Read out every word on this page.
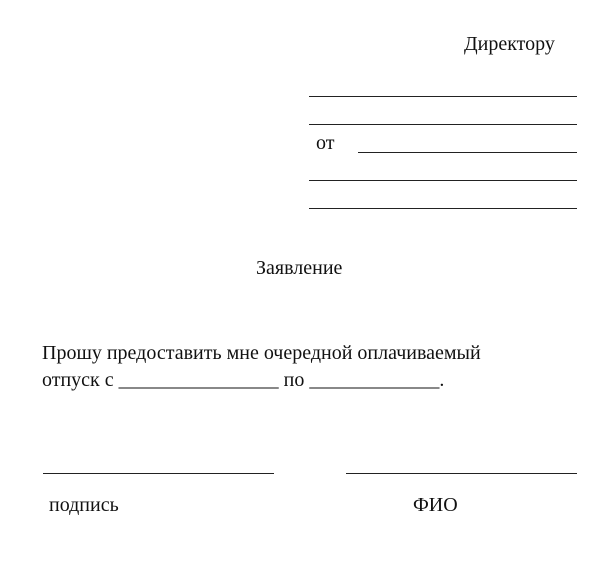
Директору
от
Заявление
Прошу предоставить мне очередной оплачиваемый
отпуск с ________________ по _____________.
подпись	ФИО
